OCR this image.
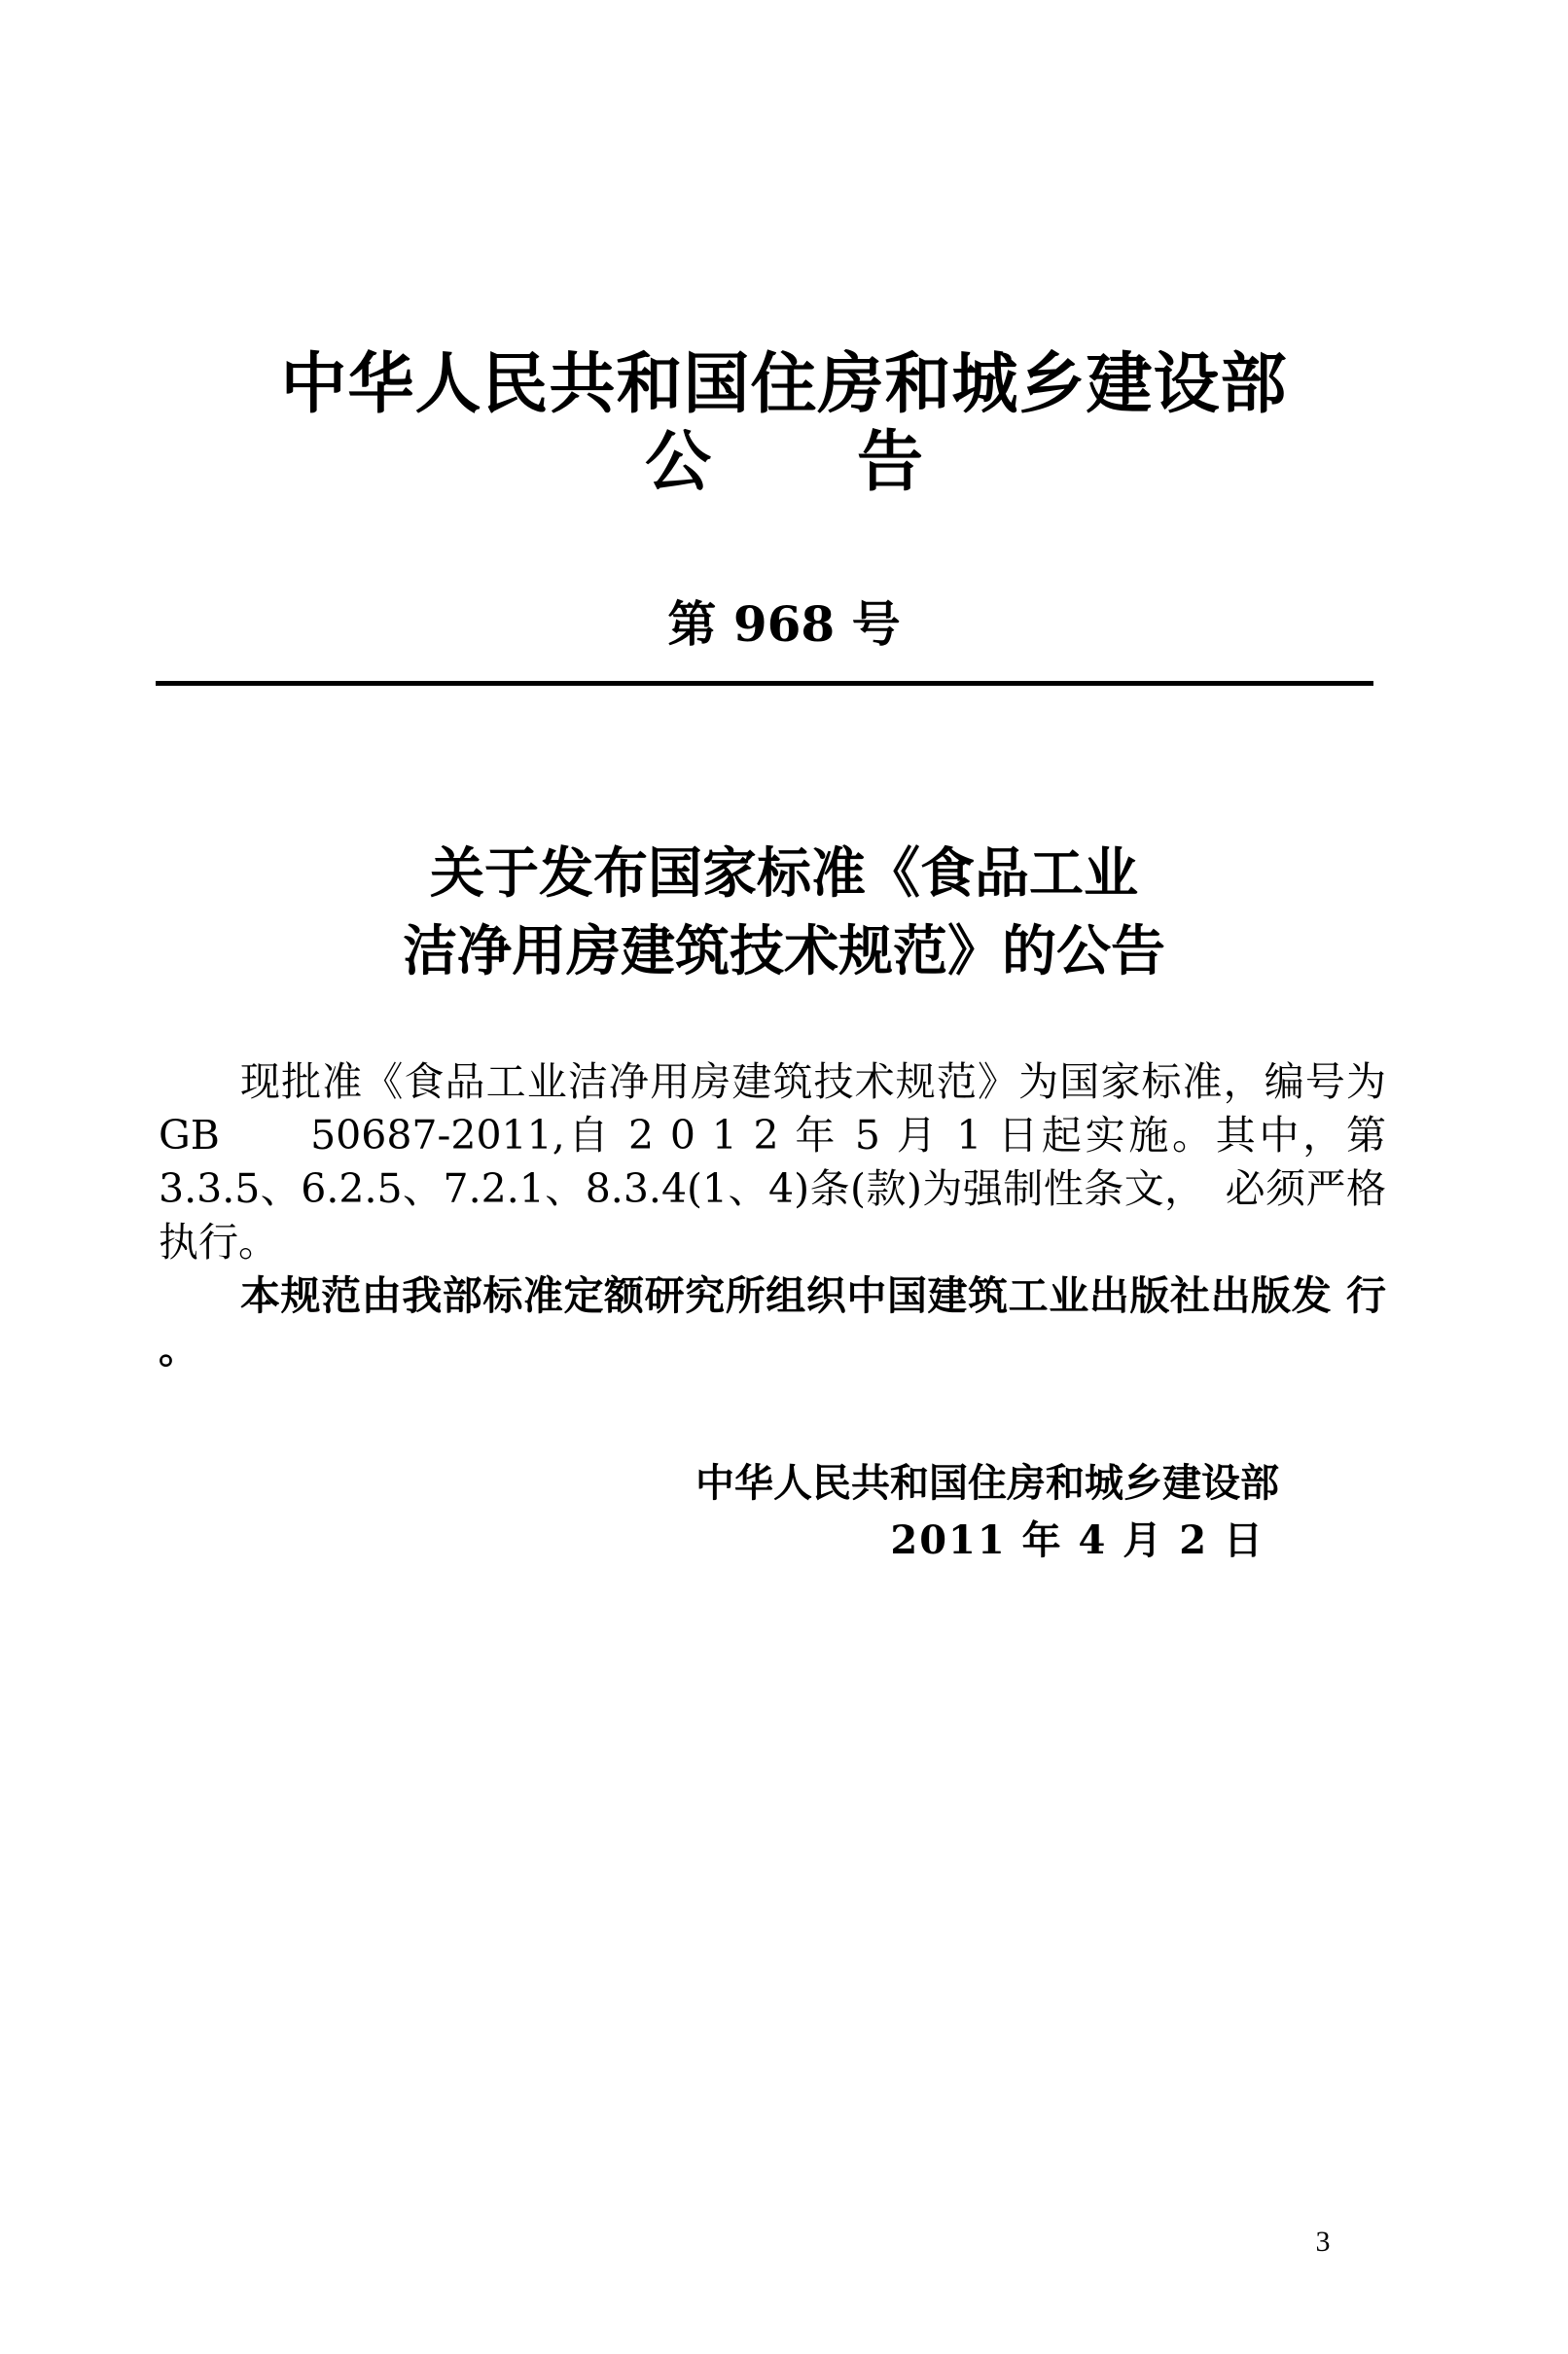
中华人民共和国住房和城乡建设部
公告
第 968 号
关于发布国家标准《食品工业
洁净用房建筑技术规范》的公告

现批准《食品工业洁净用房建筑技术规范》为国家标准，编号为GB　　50687-2011,自 2 0 1 2 年 5 月 1 日起实施。其中，第 3.3.5、6.2.5、7.2.1、8.3.4(1、4)条(款)为强制性条文，　必须严格执行。

本规范由我部标准定额研究所组织中国建筑工业出版社出版发 行 。

中华人民共和国住房和城乡建设部
2011 年 4 月 2 日
3
